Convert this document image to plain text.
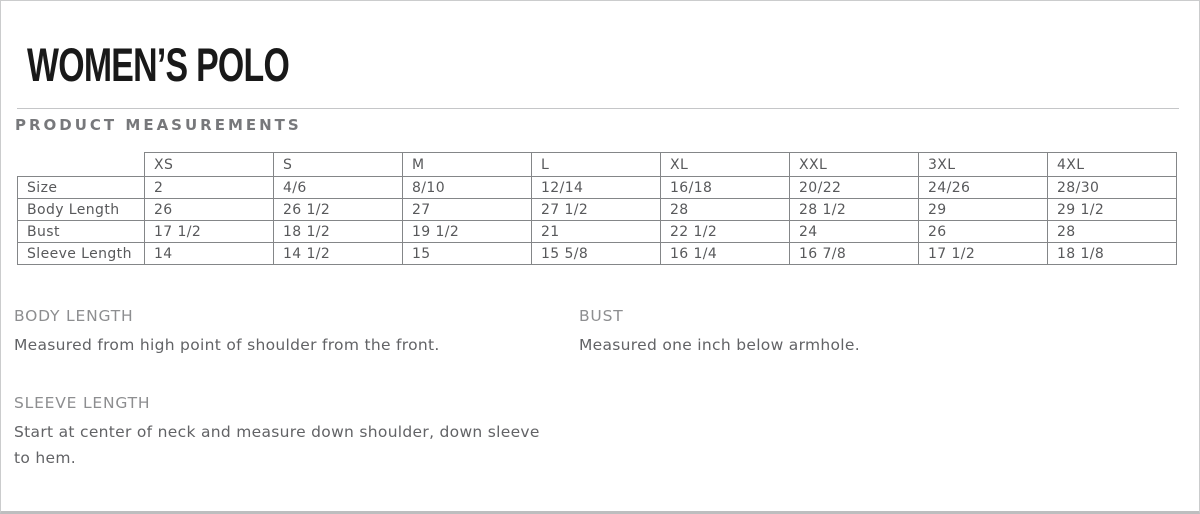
WOMEN’S POLO
PRODUCT MEASUREMENTS
	XS	S	M	L	XL	XXL	3XL	4XL
Size	2	4/6	8/10	12/14	16/18	20/22	24/26	28/30
Body Length	26	26 1/2	27	27 1/2	28	28 1/2	29	29 1/2
Bust	17 1/2	18 1/2	19 1/2	21	22 1/2	24	26	28
Sleeve Length	14	14 1/2	15	15 5/8	16 1/4	16 7/8	17 1/2	18 1/8
BODY LENGTH

Measured from high point of shoulder from the front.

BUST

Measured one inch below armhole.

SLEEVE LENGTH

Start at center of neck and measure down shoulder, down sleeve to hem.
